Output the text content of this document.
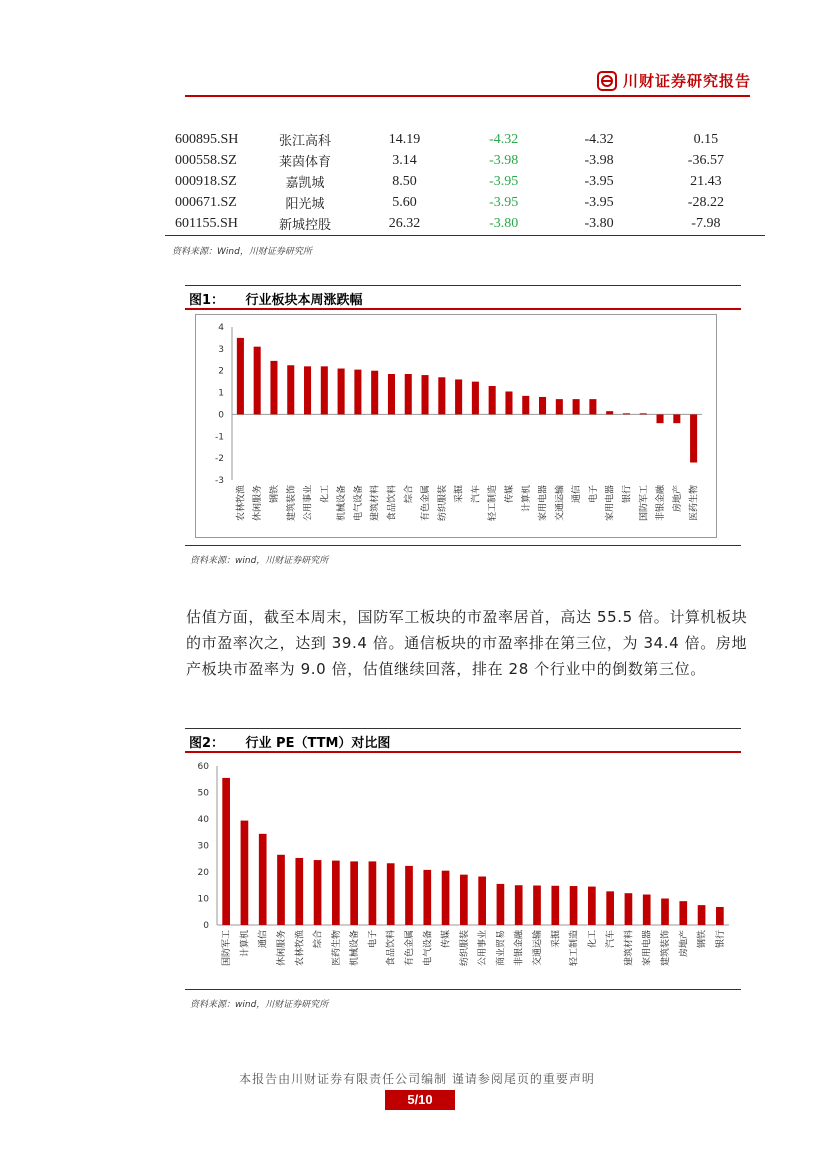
川财证券研究报告
600895.SH	张江高科	14.19	-4.32	-4.32	0.15
000558.SZ	莱茵体育	3.14	-3.98	-3.98	-36.57
000918.SZ	嘉凯城	8.50	-3.95	-3.95	21.43
000671.SZ	阳光城	5.60	-3.95	-3.95	-28.22
601155.SH	新城控股	26.32	-3.80	-3.80	-7.98
资料来源：Wind，川财证券研究所
图1： 行业板块本周涨跌幅
4
3
2
1
0
-1
-2
-3
农林牧渔 休闲服务 钢铁 建筑装饰 公用事业 化工 机械设备 电气设备 建筑材料 食品饮料 综合 有色金属 纺织服装 采掘 汽车 轻工制造 传媒 计算机 家用电器 交通运输 通信 电子 家用电器 银行 国防军工 非银金融 房地产 医药生物
资料来源：wind，川财证券研究所
估值方面，截至本周末，国防军工板块的市盈率居首，高达 55.5 倍。计算机板块的市盈率次之，达到 39.4 倍。通信板块的市盈率排在第三位，为 34.4 倍。房地产板块市盈率为 9.0 倍，估值继续回落，排在 28 个行业中的倒数第三位。
图2： 行业 PE（TTM）对比图
60
50
40
30
20
10
0
国防军工 计算机 通信 休闲服务 农林牧渔 综合 医药生物 机械设备 电子 食品饮料 有色金属 电气设备 传媒 纺织服装 公用事业 商业贸易 非银金融 交通运输 采掘 轻工制造 化工 汽车 建筑材料 家用电器 建筑装饰 房地产 钢铁 银行
资料来源：wind，川财证券研究所
本报告由川财证券有限责任公司编制 谨请参阅尾页的重要声明
5/10
